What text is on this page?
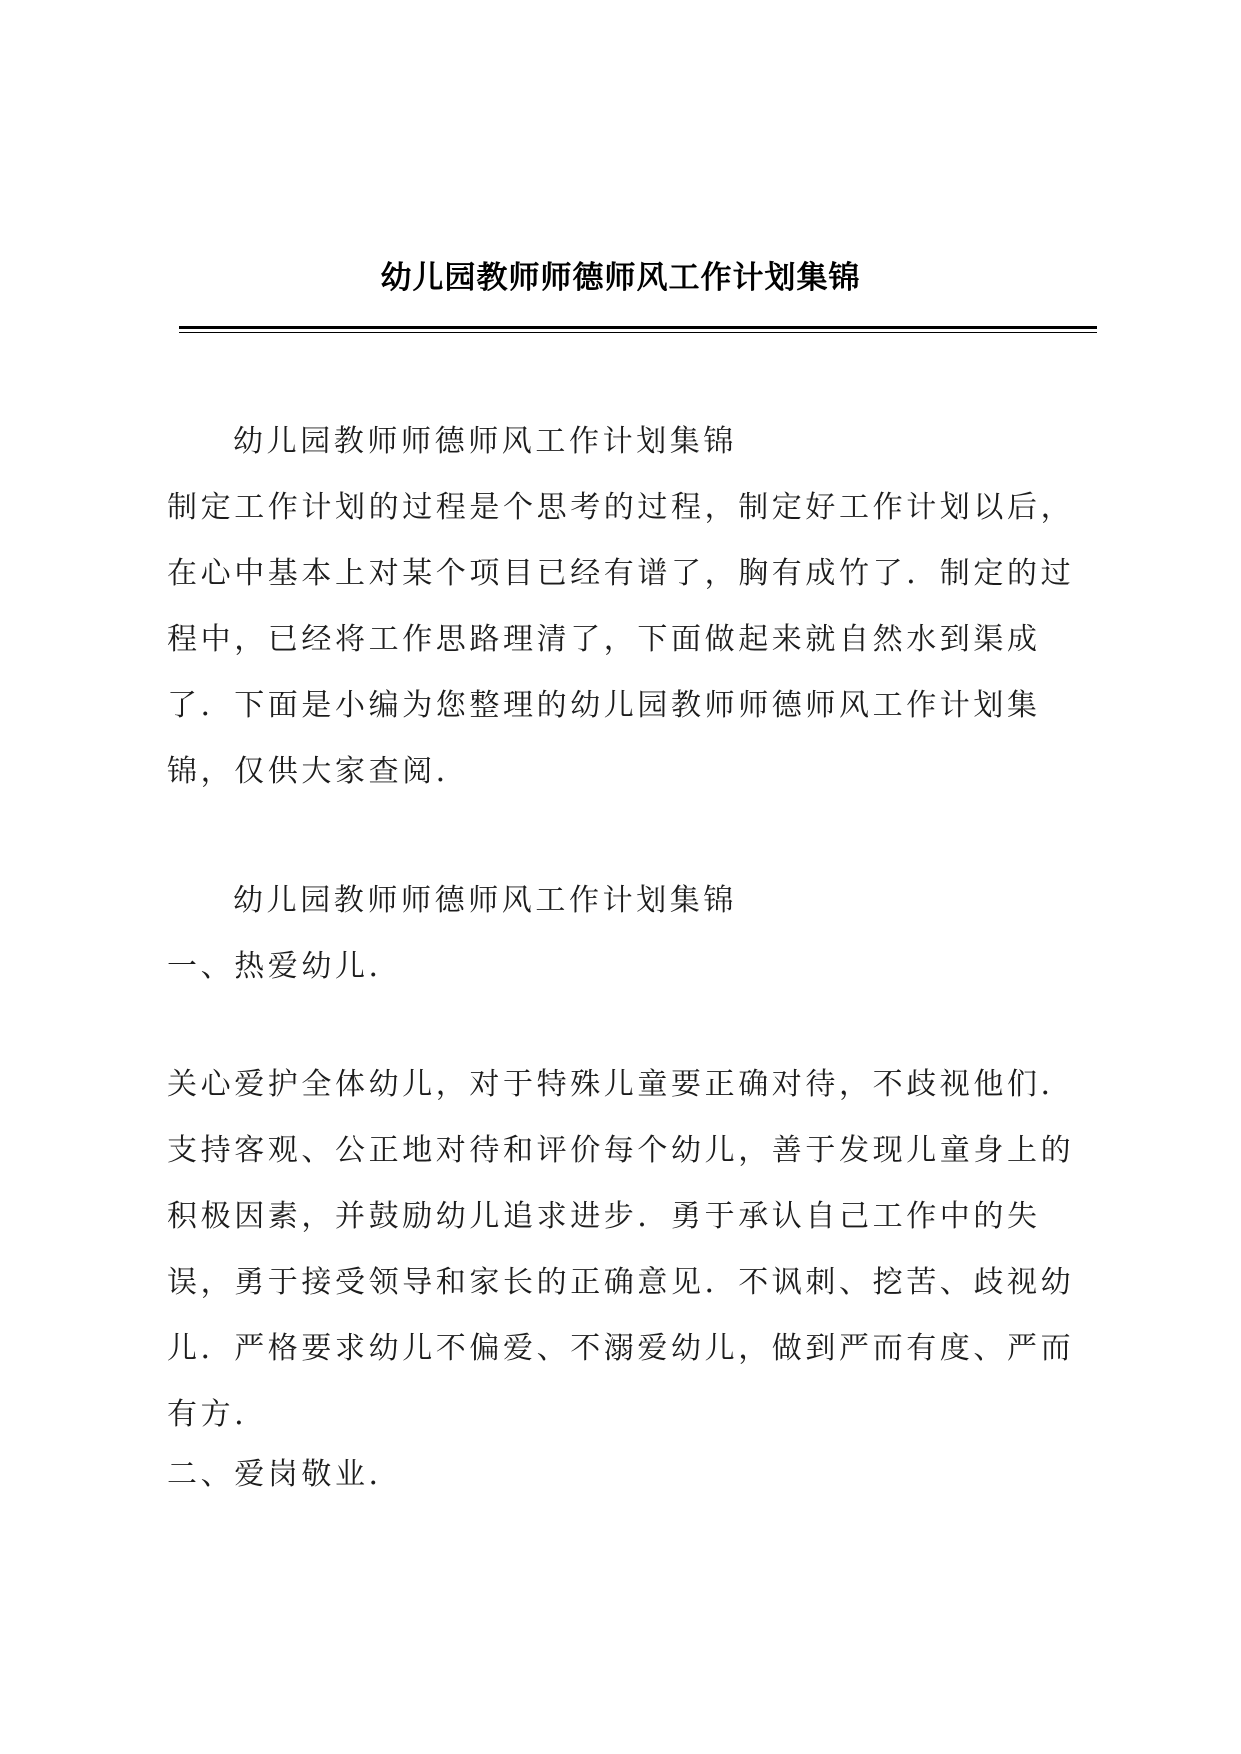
幼儿园教师师德师风工作计划集锦

幼儿园教师师德师风工作计划集锦

制定工作计划的过程是个思考的过程，制定好工作计划以后，在心中基本上对某个项目已经有谱了，胸有成竹了．制定的过程中，已经将工作思路理清了，下面做起来就自然水到渠成了．下面是小编为您整理的幼儿园教师师德师风工作计划集锦，仅供大家查阅．

幼儿园教师师德师风工作计划集锦

一、热爱幼儿．

关心爱护全体幼儿，对于特殊儿童要正确对待，不歧视他们．支持客观、公正地对待和评价每个幼儿，善于发现儿童身上的积极因素，并鼓励幼儿追求进步．勇于承认自己工作中的失误，勇于接受领导和家长的正确意见．不讽刺、挖苦、歧视幼儿．严格要求幼儿不偏爱、不溺爱幼儿，做到严而有度、严而有方．

二、爱岗敬业．
